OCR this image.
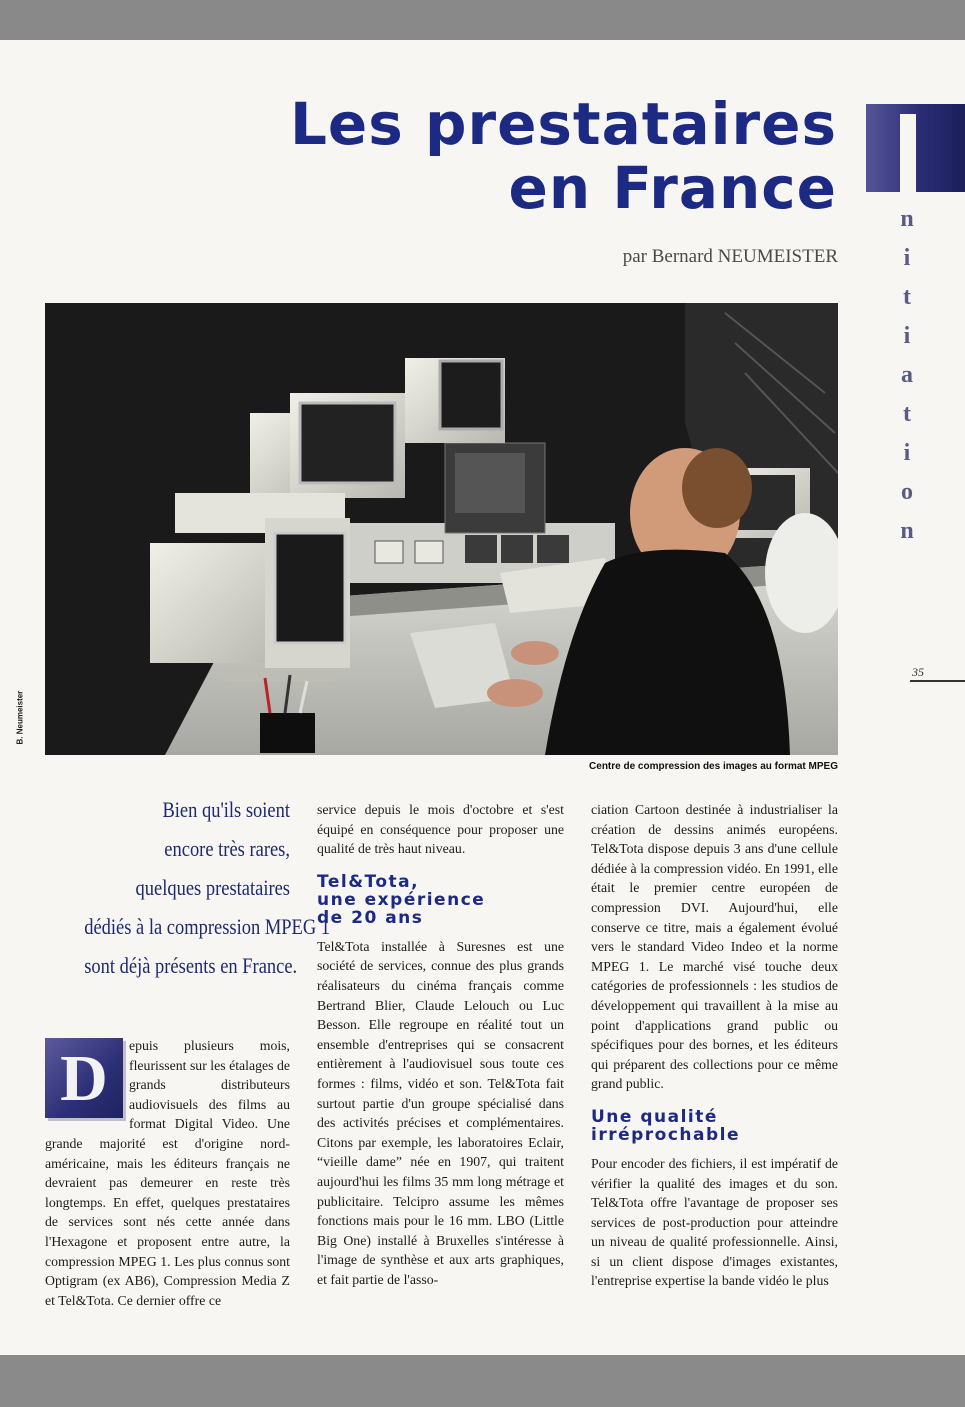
Les prestataires
en France
par Bernard NEUMEISTER
n
i
t
i
a
t
i
o
n
35
B. Neumeister
Centre de compression des images au format MPEG
Bien qu'ils soient
encore très rares,
quelques prestataires
dédiés à la compression MPEG 1
sont déjà présents en France.
D	epuis plusieurs mois, fleurissent sur les étalages de grands distributeurs audiovisuels des films au format Digital Video. Une grande majorité est d'origine nord-américaine, mais les éditeurs français ne devraient pas demeurer en reste très longtemps. En effet, quelques prestataires de services sont nés cette année dans l'Hexagone et proposent entre autre, la compression MPEG 1. Les plus connus sont Optigram (ex AB6), Compression Media Z et Tel&Tota. Ce dernier offre ce

service depuis le mois d'octobre et s'est équipé en conséquence pour proposer une qualité de très haut niveau.

Tel&Tota,
une expérience
de 20 ans

Tel&Tota installée à Suresnes est une société de services, connue des plus grands réalisateurs du cinéma français comme Bertrand Blier, Claude Lelouch ou Luc Besson. Elle regroupe en réalité tout un ensemble d'entreprises qui se consacrent entièrement à l'audiovisuel sous toute ces formes : films, vidéo et son. Tel&Tota fait surtout partie d'un groupe spécialisé dans des activités précises et complémentaires. Citons par exemple, les laboratoires Eclair, “vieille dame” née en 1907, qui traitent aujourd'hui les films 35 mm long métrage et publicitaire. Telcipro assume les mêmes fonctions mais pour le 16 mm. LBO (Little Big One) installé à Bruxelles s'intéresse à l'image de synthèse et aux arts graphiques, et fait partie de l'asso-

ciation Cartoon destinée à industrialiser la création de dessins animés européens. Tel&Tota dispose depuis 3 ans d'une cellule dédiée à la compression vidéo. En 1991, elle était le premier centre européen de compression DVI. Aujourd'hui, elle conserve ce titre, mais a également évolué vers le standard Video Indeo et la norme MPEG 1. Le marché visé touche deux catégories de professionnels : les studios de développement qui travaillent à la mise au point d'applications grand public ou spécifiques pour des bornes, et les éditeurs qui préparent des collections pour ce même grand public.

Une qualité
irréprochable

Pour encoder des fichiers, il est impératif de vérifier la qualité des images et du son. Tel&Tota offre l'avantage de proposer ses services de post-production pour atteindre un niveau de qualité professionnelle. Ainsi, si un client dispose d'images existantes, l'entreprise expertise la bande vidéo le plus
